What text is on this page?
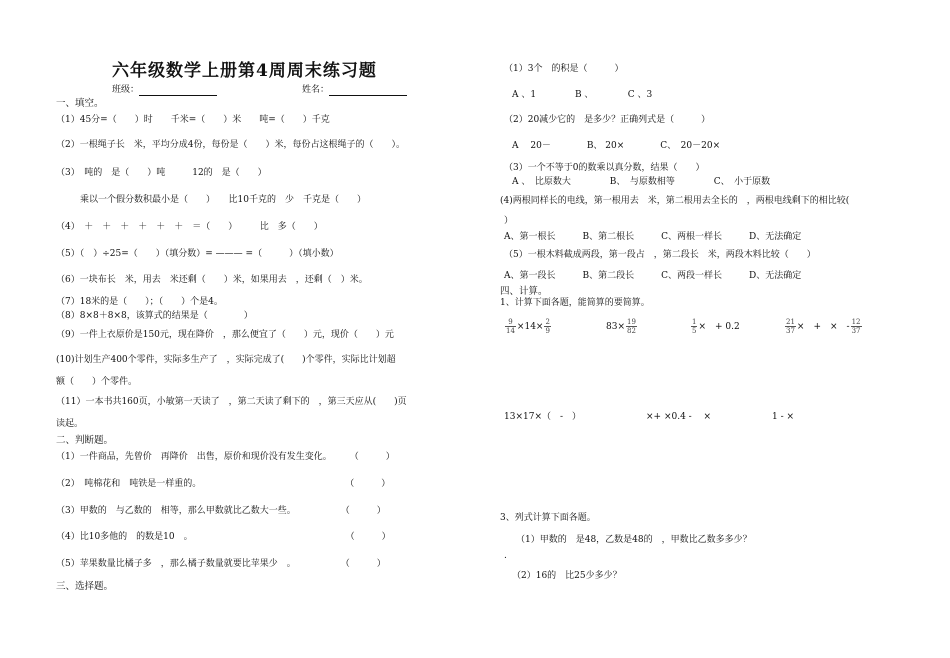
六年级数学上册第4周周末练习题
班级：	姓名：
一、填空。
（1）45分=（　　）时　　千米=（　　）米　　吨=（　　）千克
（2）一根绳子长　米，平均分成4份，每份是（　　）米，每份占这根绳子的（　　）。
（3）　吨的　是（　　）吨　　　12的　是（　　）
乘以一个假分数积最小是（　　）　　比10千克的　少　千克是（　　）
（4）　＋　＋　＋　＋　＋　＋　＝（　　）　　　比　多（　　）
（5）（　）÷25=（　　）（填分数）= ——— =（　　　）（填小数）
（6）一块布长　米，用去　米还剩（　　）米，如果用去　，还剩（　）米。
（7）18米的是（　　）；（　　）个是4。
（8）8×8＋8×8，该算式的结果是（　　　　）
（9）一件上衣原价是150元，现在降价　，那么便宜了（　　）元，现价（　　）元
(10)计划生产400个零件，实际多生产了　，实际完成了(　　)个零件，实际比计划超
额（　　）个零件。
（11）一本书共160页，小敏第一天读了　，第二天读了剩下的　，第三天应从(　　)页
读起。
二、判断题。
（1）一件商品，先曾价　再降价　出售，原价和现价没有发生变化。　　　（　　　）
（2）　吨棉花和　吨铁是一样重的。　　　　　　　　　　　　　　　　　（　　　）
（3）甲数的　与乙数的　相等，那么甲数就比乙数大一些。　　　　　　（　　　）
（4）比10多他的　的数是10　。　　　　　　　　　　　　　　　　　　（　　　）
（5）苹果数量比橘子多　，那么橘子数量就要比苹果少　。　　　　　　（　　　）
三、选择题。
（1）3个　的积是（　　　）
A 、1　　　　 B 、　　　　 C 、3
（2）20减少它的　是多少？正确列式是（　　　）
A 　20－　　　　B、 20×　　　　C、　20－20×
（3）一个不等于0的数乘以真分数，结果（　　）
A 、　比原数大　　　　 B、　与原数相等　　　　 C、　小于原数
(4)两根同样长的电线，第一根用去　米，第二根用去全长的　，两根电线剩下的相比较(
）
A、第一根长　　　B、第二根长　　　C、两根一样长　　　D、无法确定
（5）一根木料截成两段，第一段占　，第二段长　米，两段木料比较（　　）
A、第一段长　　　B、第二段长　　　C、两段一样长　　　D、无法确定
四、计算。
1、计算下面各题，能简算的要简算。
$\frac{9}{14} \times 14\times \frac{2}{9}$	$83\times \frac{19}{82}$	$\frac{1}{5}$ ×　+ 0.2	$\frac{21}{37}$ ×　+　×　- $\frac{12}{37}$
13×17×（　-　）	×+ ×0.4 - 　×	1 - ×
3、列式计算下面各题。
（1）甲数的　是48，乙数是48的　，甲数比乙数多多少？
.
（2）16的　比25少多少？
